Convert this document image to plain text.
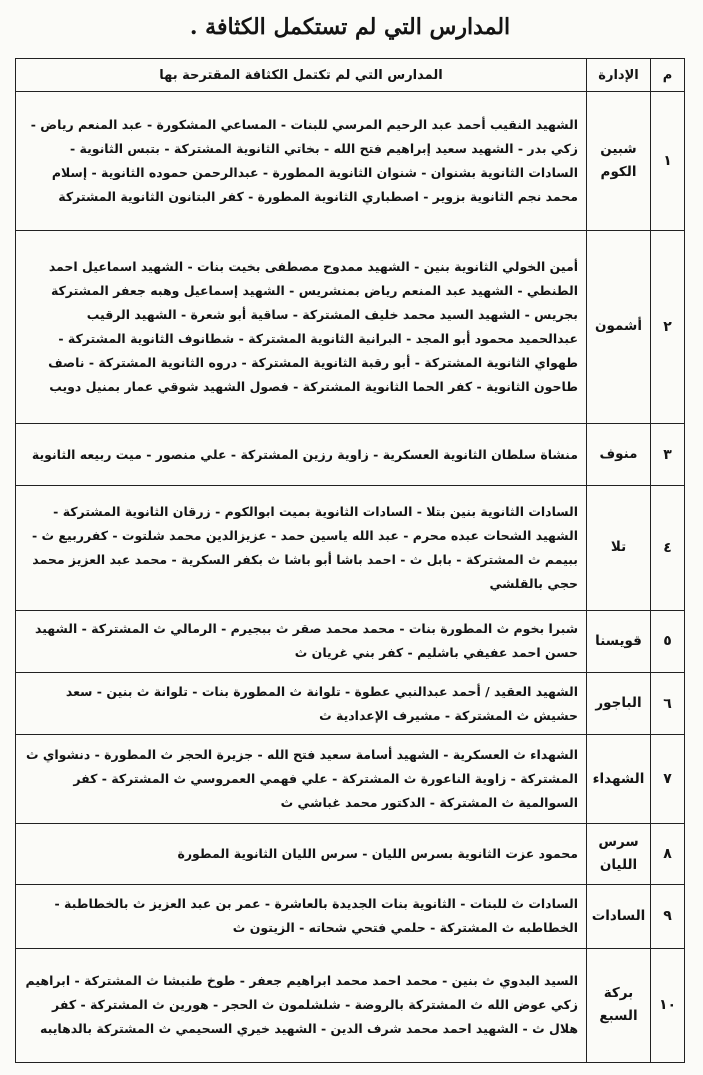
المدارس التي لم تستكمل الكثافة .
م	الإدارة	المدارس التي لم تكتمل الكثافة المقترحة بها
١	شبين الكوم	الشهيد النقيب أحمد عبد الرحيم المرسي للبنات - المساعي المشكورة - عبد المنعم رياض - زكي بدر - الشهيد سعيد إبراهيم فتح الله - بخاتي الثانوية المشتركة - بتبس الثانوية - السادات الثانوية بشنوان - شنوان الثانوية المطورة - عبدالرحمن حموده الثانوية - إسلام محمد نجم الثانوية بزوير - اصطباري الثانوية المطورة - كفر البتانون الثانوية المشتركة
٢	أشمون	أمين الخولي الثانوية بنين - الشهيد ممدوح مصطفى بخيت بنات - الشهيد اسماعيل احمد الطنطي - الشهيد عبد المنعم رياض بمنشريس - الشهيد إسماعيل وهبه جعفر المشتركة بجريس - الشهيد السيد محمد خليف المشتركة - ساقية أبو شعرة - الشهيد الرقيب عبدالحميد محمود أبو المجد - البرانية الثانوية المشتركة - شطانوف الثانوية المشتركة - طهواي الثانوية المشتركة - أبو رقبة الثانوية المشتركة - دروه الثانوية المشتركة - ناصف طاحون الثانوية - كفر الحما الثانوية المشتركة - فصول الشهيد شوقي عمار بمنيل دويب
٣	منوف	منشاة سلطان الثانوية العسكرية - زاوية رزين المشتركة - علي منصور - ميت ربيعه الثانوية
٤	تلا	السادات الثانوية بنين بتلا - السادات الثانوية بميت ابوالكوم - زرقان الثانوية المشتركة - الشهيد الشحات عبده محرم - عبد الله ياسين حمد - عزيزالدين محمد شلتوت - كفرربيع ث - ببيمم ث المشتركة - بابل ث - احمد باشا أبو باشا ث بكفر السكرية - محمد عبد العزيز محمد حجي بالقلشي
٥	قويسنا	شبرا بخوم ث المطورة بنات - محمد محمد صقر ث ببجيرم - الرمالي ث المشتركة - الشهيد حسن احمد عفيفي باشليم - كفر بني غريان ث
٦	الباجور	الشهيد العقيد / أحمد عبدالنبي عطوة - تلوانة ث المطورة بنات - تلوانة ث بنين - سعد حشيش ث المشتركة - مشيرف الإعدادية ث
٧	الشهداء	الشهداء ث العسكرية - الشهيد أسامة سعيد فتح الله - جزيرة الحجر ث المطورة - دنشواي ث المشتركة - زاوية الناعورة ث المشتركة - علي فهمي العمروسي ث المشتركة - كفر السوالمية ث المشتركة - الدكتور محمد غباشي ث
٨	سرس الليان	محمود عزت الثانوية بسرس الليان - سرس الليان الثانوية المطورة
٩	السادات	السادات ث للبنات - الثانوية بنات الجديدة بالعاشرة - عمر بن عبد العزيز ث بالخطاطبة - الخطاطبه ث المشتركة - حلمي فتحي شحاته - الزيتون ث
١٠	بركة السبع	السيد البدوي ث بنين - محمد احمد محمد ابراهيم جعفر - طوخ طنبشا ث المشتركة - ابراهيم زكي عوض الله ث المشتركة بالروضة - شلشلمون ث الحجر - هورين ث المشتركة - كفر هلال ث - الشهيد احمد محمد شرف الدين - الشهيد خيري السحيمي ث المشتركة بالدهايبه
